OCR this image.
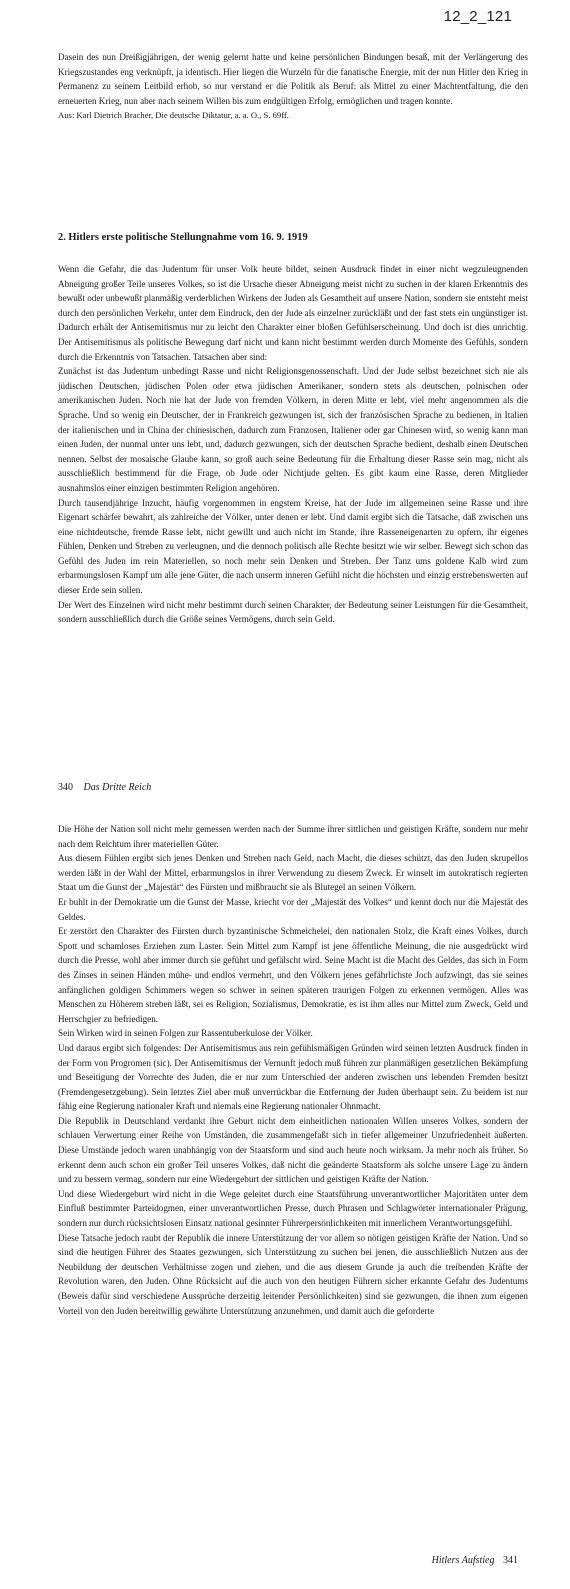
12_2_121

Dasein des nun Dreißigjährigen, der wenig gelernt hatte und keine persönlichen Bindungen besaß, mit der Verlängerung des Kriegszustandes eng verknüpft, ja identisch. Hier liegen die Wurzeln für die fanatische Energie, mit der nun Hitler den Krieg in Permanenz zu seinem Leitbild erhob, so nur verstand er die Politik als Beruf: als Mittel zu einer Machtentfaltung, die den erneuerten Krieg, nun aber nach seinem Willen bis zum endgültigen Erfolg, ermöglichen und tragen konnte.

Aus: Karl Dietrich Bracher, Die deutsche Diktatur, a. a. O., S. 69ff.

2. Hitlers erste politische Stellungnahme vom 16. 9. 1919

Wenn die Gefahr, die das Judentum für unser Volk heute bildet, seinen Ausdruck findet in einer nicht wegzuleugnenden Abneigung großer Teile unseres Volkes, so ist die Ursache dieser Abneigung meist nicht zu suchen in der klaren Erkenntnis des bewußt oder unbewußt planmäßig verderblichen Wirkens der Juden als Gesamtheit auf unsere Nation, sondern sie entsteht meist durch den persönlichen Verkehr, unter dem Eindruck, den der Jude als einzelner zurückläßt und der fast stets ein ungünstiger ist. Dadurch erhält der Antisemitismus nur zu leicht den Charakter einer bloßen Gefühlserscheinung. Und doch ist dies unrichtig. Der Antisemitismus als politische Bewegung darf nicht und kann nicht bestimmt werden durch Momente des Gefühls, sondern durch die Erkenntnis von Tatsachen. Tatsachen aber sind:

Zunächst ist das Judentum unbedingt Rasse und nicht Religionsgenossenschaft. Und der Jude selbst bezeichnet sich nie als jüdischen Deutschen, jüdischen Polen oder etwa jüdischen Amerikaner, sondern stets als deutschen, polnischen oder amerikanischen Juden. Noch nie hat der Jude von fremden Völkern, in deren Mitte er lebt, viel mehr angenommen als die Sprache. Und so wenig ein Deutscher, der in Frankreich gezwungen ist, sich der französischen Sprache zu bedienen, in Italien der italienischen und in China der chinesischen, dadurch zum Franzosen, Italiener oder gar Chinesen wird, so wenig kann man einen Juden, der nunmal unter uns lebt, und, dadurch gezwungen, sich der deutschen Sprache bedient, deshalb einen Deutschen nennen. Selbst der mosaische Glaube kann, so groß auch seine Bedeutung für die Erhaltung dieser Rasse sein mag, nicht als ausschließlich bestimmend für die Frage, ob Jude oder Nichtjude gelten. Es gibt kaum eine Rasse, deren Mitglieder ausnahmslos einer einzigen bestimmten Religion angehören.

Durch tausendjährige Inzucht, häufig vorgenommen in engstem Kreise, hat der Jude im allgemeinen seine Rasse und ihre Eigenart schärfer bewahrt, als zahlreiche der Völker, unter denen er lebt. Und damit ergibt sich die Tatsache, daß zwischen uns eine nichtdeutsche, fremde Rasse lebt, nicht gewillt und auch nicht im Stande, ihre Rasseneigenarten zu opfern, ihr eigenes Fühlen, Denken und Streben zu verleugnen, und die dennoch politisch alle Rechte besitzt wie wir selber. Bewegt sich schon das Gefühl des Juden im rein Materiellen, so noch mehr sein Denken und Streben. Der Tanz ums goldene Kalb wird zum erbarmungslosen Kampf um alle jene Güter, die nach unserm inneren Gefühl nicht die höchsten und einzig erstrebenswerten auf dieser Erde sein sollen.

Der Wert des Einzelnen wird nicht mehr bestimmt durch seinen Charakter, der Bedeutung seiner Leistungen für die Gesamtheit, sondern ausschließlich durch die Größe seines Vermögens, durch sein Geld.

340 Das Dritte Reich

Die Höhe der Nation soll nicht mehr gemessen werden nach der Summe ihrer sittlichen und geistigen Kräfte, sondern nur mehr nach dem Reichtum ihrer materiellen Güter.

Aus diesem Fühlen ergibt sich jenes Denken und Streben nach Geld, nach Macht, die dieses schützt, das den Juden skrupellos werden läßt in der Wahl der Mittel, erbarmungslos in ihrer Verwendung zu diesem Zweck. Er winselt im autokratisch regierten Staat um die Gunst der „Majestät“ des Fürsten und mißbraucht sie als Blutegel an seinen Völkern.

Er buhlt in der Demokratie um die Gunst der Masse, kriecht vor der „Majestät des Volkes“ und kennt doch nur die Majestät des Geldes.

Er zerstört den Charakter des Fürsten durch byzantinische Schmeichelei, den nationalen Stolz, die Kraft eines Volkes, durch Spott und schamloses Erziehen zum Laster. Sein Mittel zum Kampf ist jene öffentliche Meinung, die nie ausgedrückt wird durch die Presse, wohl aber immer durch sie geführt und gefälscht wird. Seine Macht ist die Macht des Geldes, das sich in Form des Zinses in seinen Händen mühe- und endlos vermehrt, und den Völkern jenes gefährlichste Joch aufzwingt, das sie seines anfänglichen goldigen Schimmers wegen so schwer in seinen späteren traurigen Folgen zu erkennen vermögen. Alles was Menschen zu Höherem streben läßt, sei es Religion, Sozialismus, Demokratie, es ist ihm alles nur Mittel zum Zweck, Geld und Herrschgier zu befriedigen.

Sein Wirken wird in seinen Folgen zur Rassentuberkulose der Völker.

Und daraus ergibt sich folgendes: Der Antisemitismus aus rein gefühlsmäßigen Gründen wird seinen letzten Ausdruck finden in der Form von Progromen (sic). Der Antisemitismus der Vernunft jedoch muß führen zur planmäßigen gesetzlichen Bekämpfung und Beseitigung der Vorrechte des Juden, die er nur zum Unterschied der anderen zwischen uns lebenden Fremden besitzt (Fremdengesetzgebung). Sein letztes Ziel aber muß unverrückbar die Entfernung der Juden überhaupt sein. Zu beidem ist nur fähig eine Regierung nationaler Kraft und niemals eine Regierung nationaler Ohnmacht.

Die Republik in Deutschland verdankt ihre Geburt nicht dem einheitlichen nationalen Willen unseres Volkes, sondern der schlauen Verwertung einer Reihe von Umständen, die zusammengefaßt sich in tiefer allgemeiner Unzufriedenheit äußerten. Diese Umstände jedoch waren unabhängig von der Staatsform und sind auch heute noch wirksam. Ja mehr noch als früher. So erkennt denn auch schon ein großer Teil unseres Volkes, daß nicht die geänderte Staatsform als solche unsere Lage zu ändern und zu bessern vermag, sondern nur eine Wiedergeburt der sittlichen und geistigen Kräfte der Nation.

Und diese Wiedergeburt wird nicht in die Wege geleitet durch eine Staatsführung unverantwortlicher Majoritäten unter dem Einfluß bestimmter Parteidogmen, einer unverantwortlichen Presse, durch Phrasen und Schlagwörter internationaler Prägung, sondern nur durch rücksichtslosen Einsatz national gesinnter Führerpersönlichkeiten mit innerlichem Verantwortungsgefühl.

Diese Tatsache jedoch raubt der Republik die innere Unterstützung der vor allem so nötigen geistigen Kräfte der Nation. Und so sind die heutigen Führer des Staates gezwungen, sich Unterstützung zu suchen bei jenen, die ausschließlich Nutzen aus der Neubildung der deutschen Verhältnisse zogen und ziehen, und die aus diesem Grunde ja auch die treibenden Kräfte der Revolution waren, den Juden. Ohne Rücksicht auf die auch von den heutigen Führern sicher erkannte Gefahr des Judentums (Beweis dafür sind verschiedene Aussprüche derzeitig leitender Persönlichkeiten) sind sie gezwungen, die ihnen zum eigenen Vorteil von den Juden bereitwillig gewährte Unterstützung anzunehmen, und damit auch die geforderte

Hitlers Aufstieg 341
